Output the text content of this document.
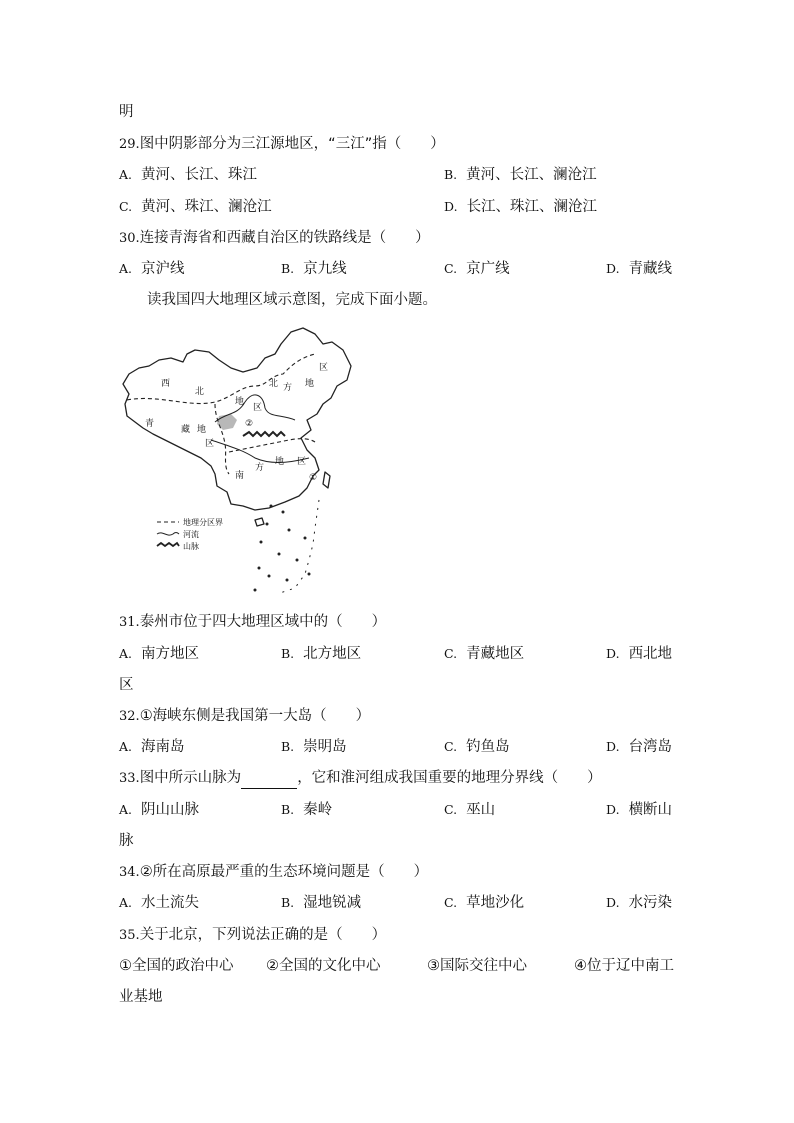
明
29.图中阴影部分为三江源地区，“三江”指（　　）
A. 黄河、长江、珠江	B. 黄河、长江、澜沧江
C. 黄河、珠江、澜沧江	D. 长江、珠江、澜沧江
30.连接青海省和西藏自治区的铁路线是（　　）
A. 京沪线	B. 京九线	C. 京广线	D. 青藏线
读我国四大地理区域示意图，完成下面小题。
西
北
地
区
青
藏 地
区
南
方
地 区
北 方 地
区
①
②
地理分区界
河流
山脉
31.泰州市位于四大地理区域中的（　　）
A. 南方地区	B. 北方地区	C. 青藏地区	D. 西北地
区
32.①海峡东侧是我国第一大岛（　　）
A. 海南岛	B. 崇明岛	C. 钓鱼岛	D. 台湾岛
33.图中所示山脉为	，它和淮河组成我国重要的地理分界线（　　）
A. 阴山山脉	B. 秦岭	C. 巫山	D. 横断山
脉
34.②所在高原最严重的生态环境问题是（　　）
A. 水土流失	B. 湿地锐减	C. 草地沙化	D. 水污染
35.关于北京，下列说法正确的是（　　）
①全国的政治中心 ②全国的文化中心	③国际交往中心	④位于辽中南工
业基地
